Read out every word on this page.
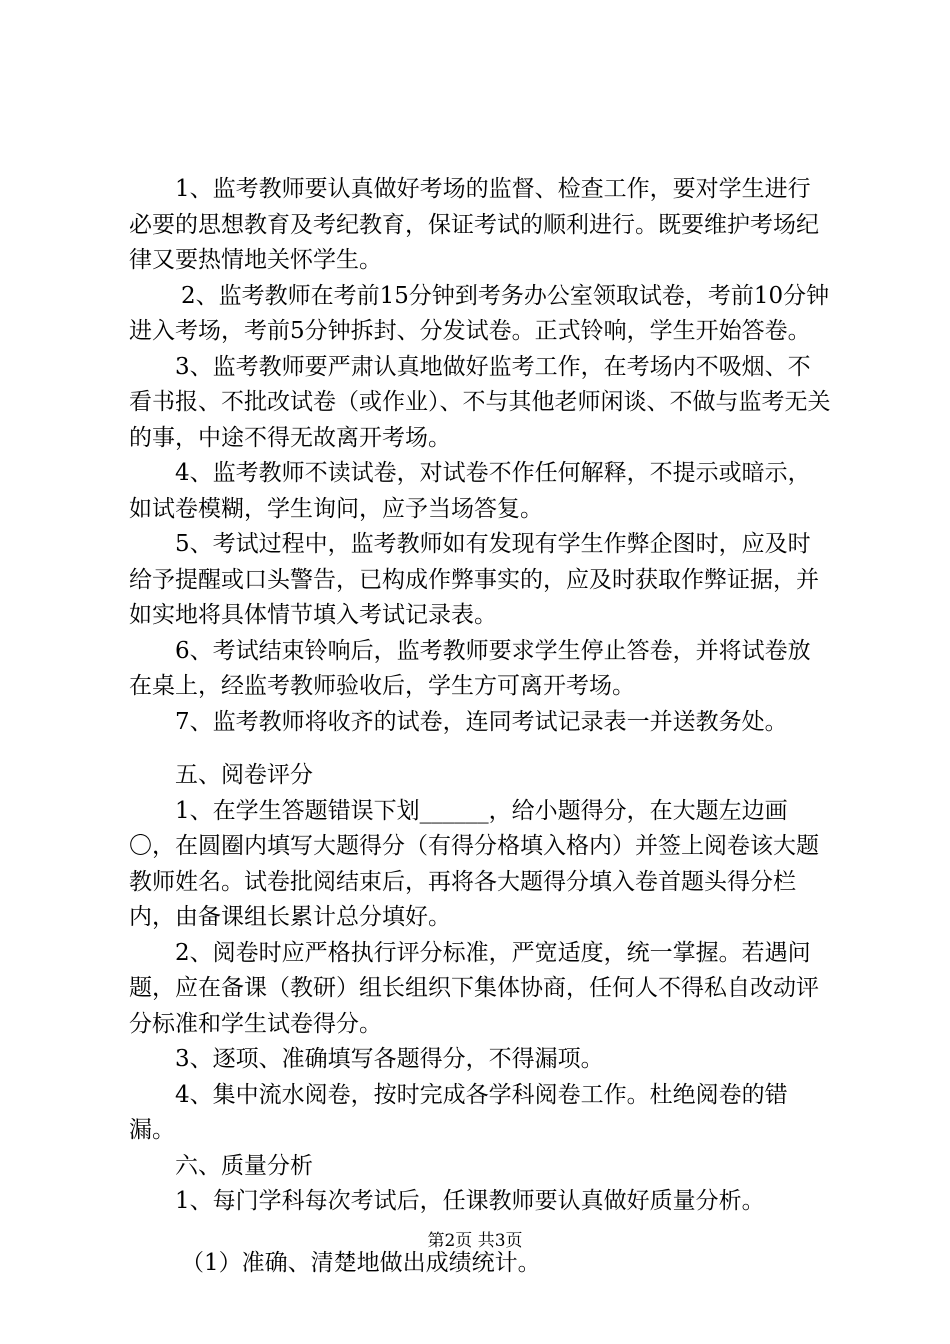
1、监考教师要认真做好考场的监督、检查工作，要对学生进行必要的思想教育及考纪教育，保证考试的顺利进行。既要维护考场纪律又要热情地关怀学生。

2、监考教师在考前15分钟到考务办公室领取试卷，考前10分钟进入考场，考前5分钟拆封、分发试卷。正式铃响，学生开始答卷。

3、监考教师要严肃认真地做好监考工作，在考场内不吸烟、不看书报、不批改试卷（或作业）、不与其他老师闲谈、不做与监考无关的事，中途不得无故离开考场。

4、监考教师不读试卷，对试卷不作任何解释，不提示或暗示，如试卷模糊，学生询问，应予当场答复。

5、考试过程中，监考教师如有发现有学生作弊企图时，应及时给予提醒或口头警告，已构成作弊事实的，应及时获取作弊证据，并如实地将具体情节填入考试记录表。

6、考试结束铃响后，监考教师要求学生停止答卷，并将试卷放在桌上，经监考教师验收后，学生方可离开考场。

7、监考教师将收齐的试卷，连同考试记录表一并送教务处。

五、阅卷评分

1、在学生答题错误下划______，给小题得分，在大题左边画〇，在圆圈内填写大题得分（有得分格填入格内）并签上阅卷该大题教师姓名。试卷批阅结束后，再将各大题得分填入卷首题头得分栏内，由备课组长累计总分填好。

2、阅卷时应严格执行评分标准，严宽适度，统一掌握。若遇问题，应在备课（教研）组长组织下集体协商，任何人不得私自改动评分标准和学生试卷得分。

3、逐项、准确填写各题得分，不得漏项。

4、集中流水阅卷，按时完成各学科阅卷工作。杜绝阅卷的错漏。

六、质量分析

1、每门学科每次考试后，任课教师要认真做好质量分析。

（1）准确、清楚地做出成绩统计。

第2页 共3页
